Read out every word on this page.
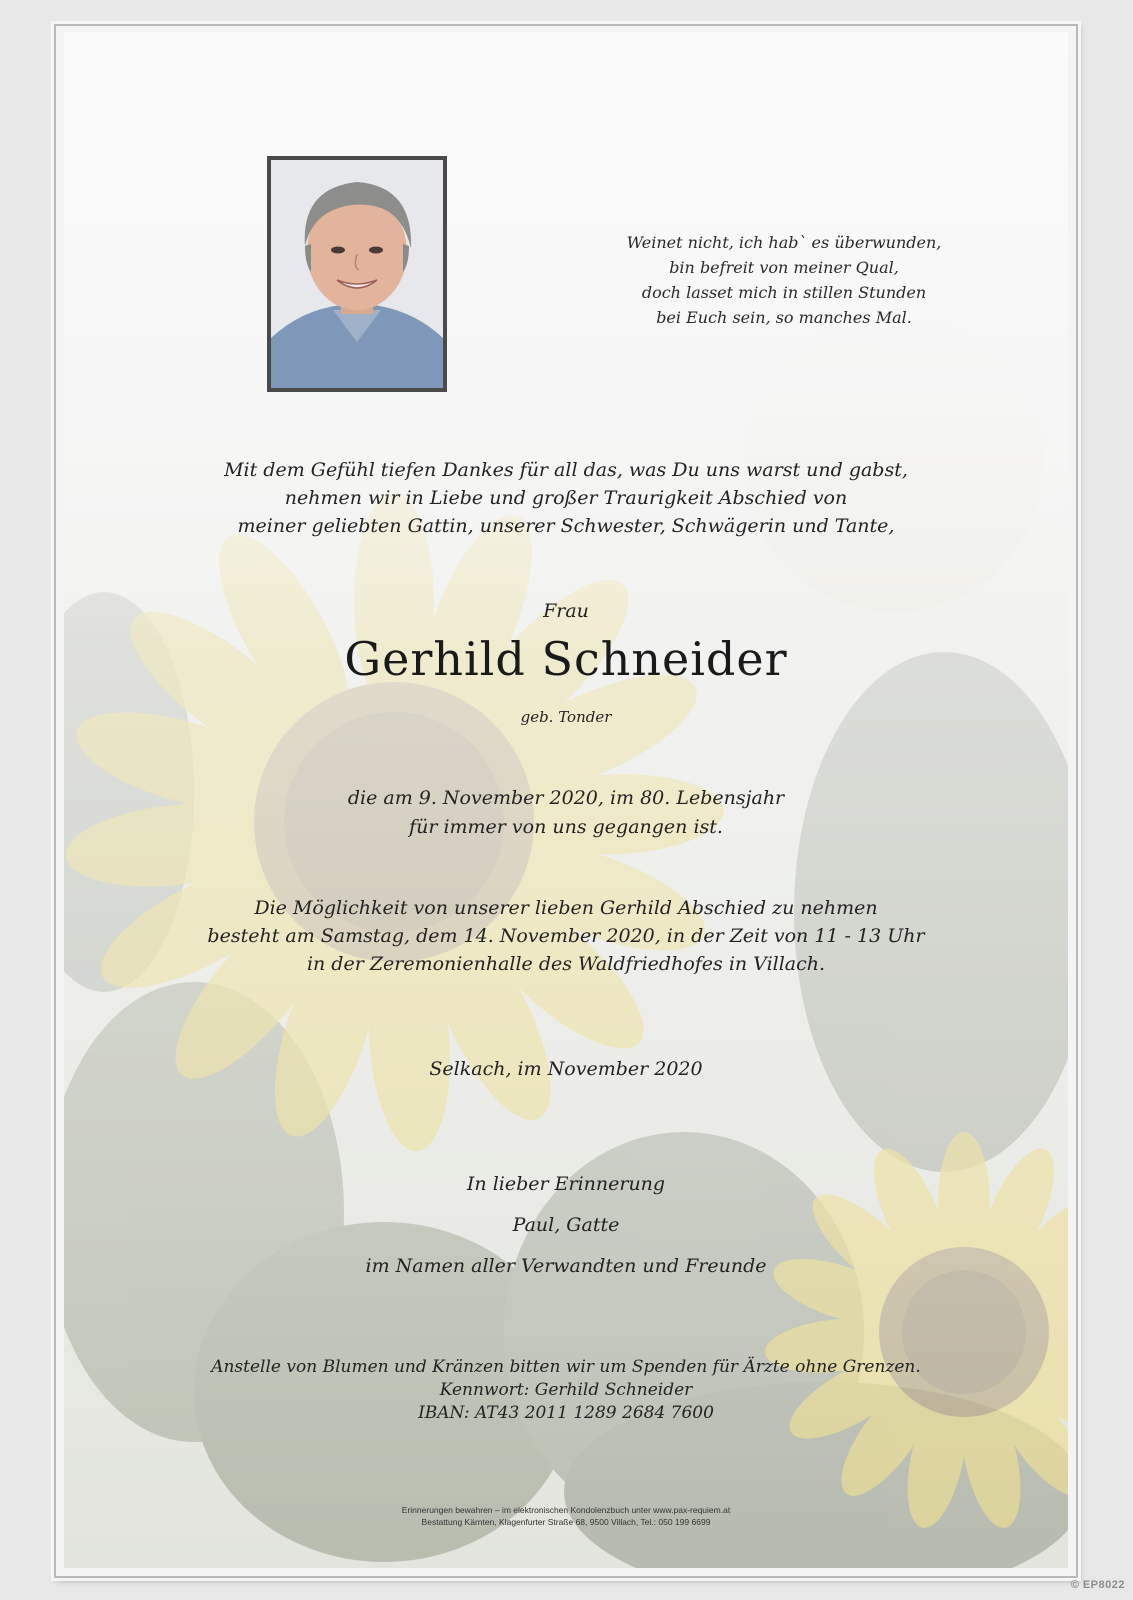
Weinet nicht, ich hab` es überwunden,
bin befreit von meiner Qual,
doch lasset mich in stillen Stunden
bei Euch sein, so manches Mal.
Mit dem Gefühl tiefen Dankes für all das, was Du uns warst und gabst,
nehmen wir in Liebe und großer Traurigkeit Abschied von
meiner geliebten Gattin, unserer Schwester, Schwägerin und Tante,
Frau
Gerhild Schneider
geb. Tonder
die am 9. November 2020, im 80. Lebensjahr
für immer von uns gegangen ist.
Die Möglichkeit von unserer lieben Gerhild Abschied zu nehmen
besteht am Samstag, dem 14. November 2020, in der Zeit von 11 - 13 Uhr
in der Zeremonienhalle des Waldfriedhofes in Villach.
Selkach, im November 2020
In lieber Erinnerung
Paul, Gatte
im Namen aller Verwandten und Freunde
Anstelle von Blumen und Kränzen bitten wir um Spenden für Ärzte ohne Grenzen.
Kennwort: Gerhild Schneider
IBAN: AT43 2011 1289 2684 7600
Erinnerungen bewahren – im elektronischen Kondolenzbuch unter www.pax-requiem.at
Bestattung Kärnten, Klagenfurter Straße 68, 9500 Villach, Tel.: 050 199 6699
© EP8022
